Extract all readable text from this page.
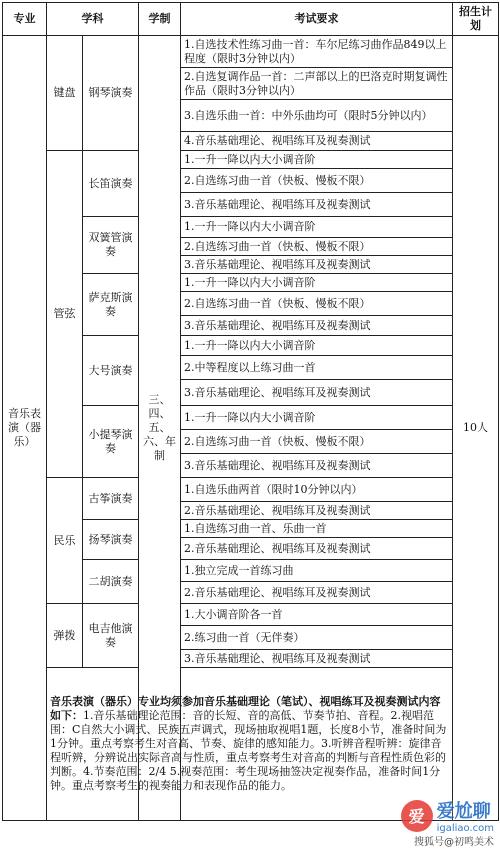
专业	学科		学制	考试要求	招生计划
音乐表演（器乐）	键盘	钢琴演奏	三、四、五、六、年制	1.自选技术性练习曲一首：车尔尼练习曲作品849以上程度（限时3分钟以内）	10人
				2.自选复调作品一首：二声部以上的巴洛克时期复调性作品（限时3分钟以内）	
				3.自选乐曲一首：中外乐曲均可（限时5分钟以内）	
				4.音乐基础理论、视唱练耳及视奏测试	
	管弦	长笛演奏		1.一升一降以内大小调音阶	
				2.自选练习曲一首（快板、慢板不限）	
				3.音乐基础理论、视唱练耳及视奏测试	
		双簧管演奏		1.一升一降以内大小调音阶	
				2.自选练习曲一首（快板、慢板不限）	
				3.音乐基础理论、视唱练耳及视奏测试	
		萨克斯演奏		1.一升一降以内大小调音阶	
				2.自选练习曲一首（快板、慢板不限）	
				3.音乐基础理论、视唱练耳及视奏测试	
		大号演奏		1.一升一降以内大小调音阶	
				2.中等程度以上练习曲一首	
				3.音乐基础理论、视唱练耳及视奏测试	
		小提琴演奏		1.一升一降以内大小调音阶	
				2.自选练习曲一首（快板、慢板不限）	
				3.音乐基础理论、视唱练耳及视奏测试	
	民乐	古筝演奏		1.自选乐曲两首（限时10分钟以内）	
				2.音乐基础理论、视唱练耳及视奏测试	
		扬琴演奏		1.自选练习曲一首、乐曲一首	
				2.音乐基础理论、视唱练耳及视奏测试	
		二胡演奏		1.独立完成一首练习曲	
				2.音乐基础理论、视唱练耳及视奏测试	
	弹拨	电吉他演奏		1.大小调音阶各一首	
				2.练习曲一首（无伴奏）	
				3.音乐基础理论、视唱练耳及视奏测试	
	音乐表演（器乐）专业均须参加音乐基础理论（笔试）、视唱练耳及视奏测试内容如下：1.音乐基础理论范围：音的长短、音的高低、节奏节拍、音程。2.视唱范围：C自然大小调式、民族五声调式，现场抽取视唱1题，长度8小节，准备时间为1分钟。重点考察考生对音高、节奏、旋律的感知能力。3.听辨音程听辨：旋律音程听辨，分辨说出实际音高与性质，重点考察考生对音高的判断与音程性质色彩的判断。4.节奏范围：2/4 5.视奏范围：考生现场抽签决定视奏作品，准备时间1分钟。重点考察考生的视奏能力和表现作品的能力。				
爱 爱尬聊
igaliao.com
搜狐号@初鸣美术
